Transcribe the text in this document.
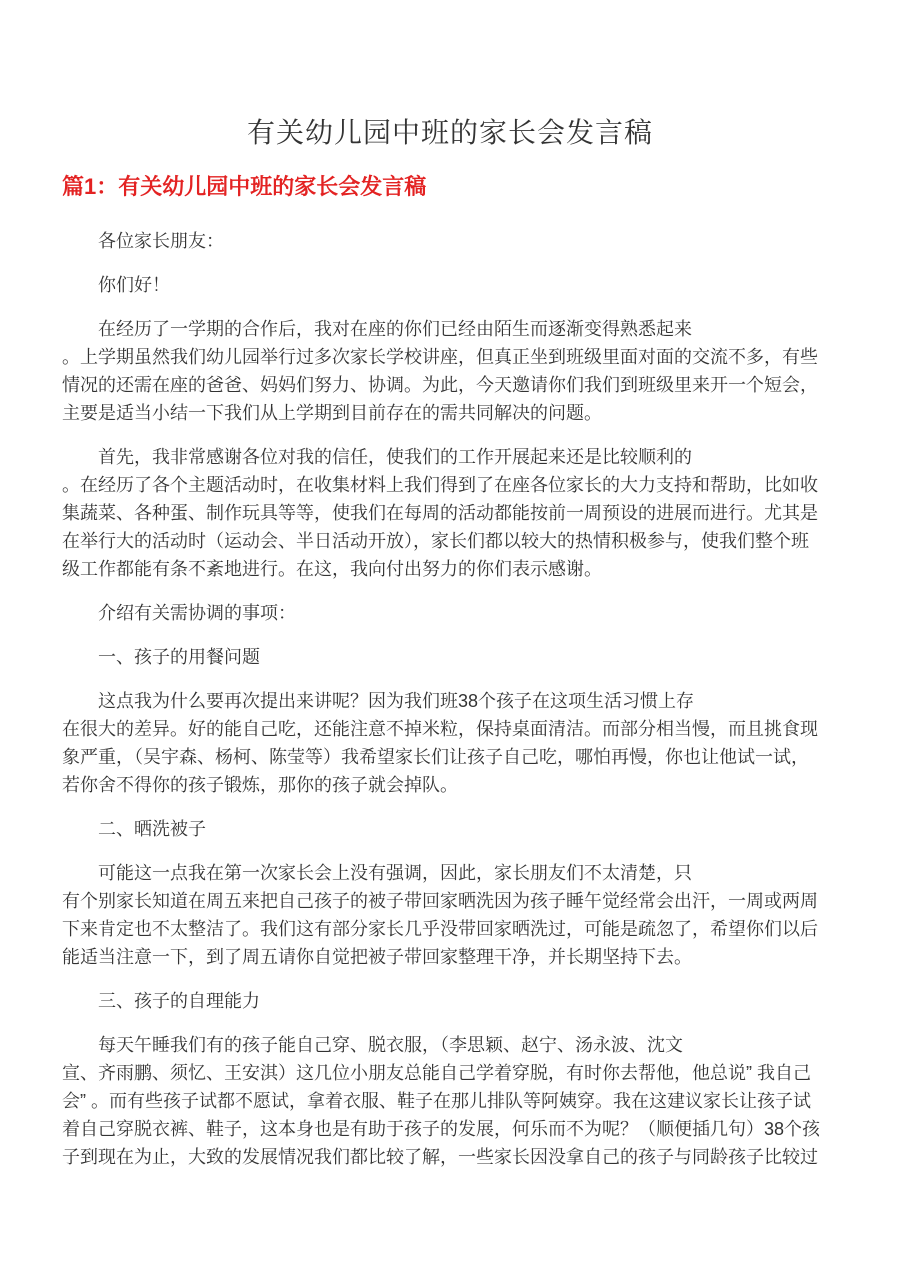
有关幼儿园中班的家长会发言稿
篇1：有关幼儿园中班的家长会发言稿

各位家长朋友：

你们好！

在经历了一学期的合作后，我对在座的你们已经由陌生而逐渐变得熟悉起来
。上学期虽然我们幼儿园举行过多次家长学校讲座，但真正坐到班级里面对面的交流不多，有些
情况的还需在座的爸爸、妈妈们努力、协调。为此，今天邀请你们我们到班级里来开一个短会，
主要是适当小结一下我们从上学期到目前存在的需共同解决的问题。

首先，我非常感谢各位对我的信任，使我们的工作开展起来还是比较顺利的
。在经历了各个主题活动时，在收集材料上我们得到了在座各位家长的大力支持和帮助，比如收
集蔬菜、各种蛋、制作玩具等等，使我们在每周的活动都能按前一周预设的进展而进行。尤其是
在举行大的活动时（运动会、半日活动开放），家长们都以较大的热情积极参与，使我们整个班
级工作都能有条不紊地进行。在这，我向付出努力的你们表示感谢。

介绍有关需协调的事项：

一、孩子的用餐问题

这点我为什么要再次提出来讲呢？因为我们班38个孩子在这项生活习惯上存
在很大的差异。好的能自己吃，还能注意不掉米粒，保持桌面清洁。而部分相当慢，而且挑食现
象严重，（吴宇森、杨柯、陈莹等）我希望家长们让孩子自己吃，哪怕再慢，你也让他试一试，
若你舍不得你的孩子锻炼，那你的孩子就会掉队。

二、晒洗被子

可能这一点我在第一次家长会上没有强调，因此，家长朋友们不太清楚，只
有个别家长知道在周五来把自己孩子的被子带回家晒洗因为孩子睡午觉经常会出汗，一周或两周
下来肯定也不太整洁了。我们这有部分家长几乎没带回家晒洗过，可能是疏忽了，希望你们以后
能适当注意一下，到了周五请你自觉把被子带回家整理干净，并长期坚持下去。

三、孩子的自理能力

每天午睡我们有的孩子能自己穿、脱衣服，（李思颖、赵宁、汤永波、沈文
宣、齐雨鹏、须忆、王安淇）这几位小朋友总能自己学着穿脱，有时你去帮他，他总说” 我自己
会” 。而有些孩子试都不愿试，拿着衣服、鞋子在那儿排队等阿姨穿。我在这建议家长让孩子试
着自己穿脱衣裤、鞋子，这本身也是有助于孩子的发展，何乐而不为呢？（顺便插几句）38个孩
子到现在为止，大致的发展情况我们都比较了解，一些家长因没拿自己的孩子与同龄孩子比较过
